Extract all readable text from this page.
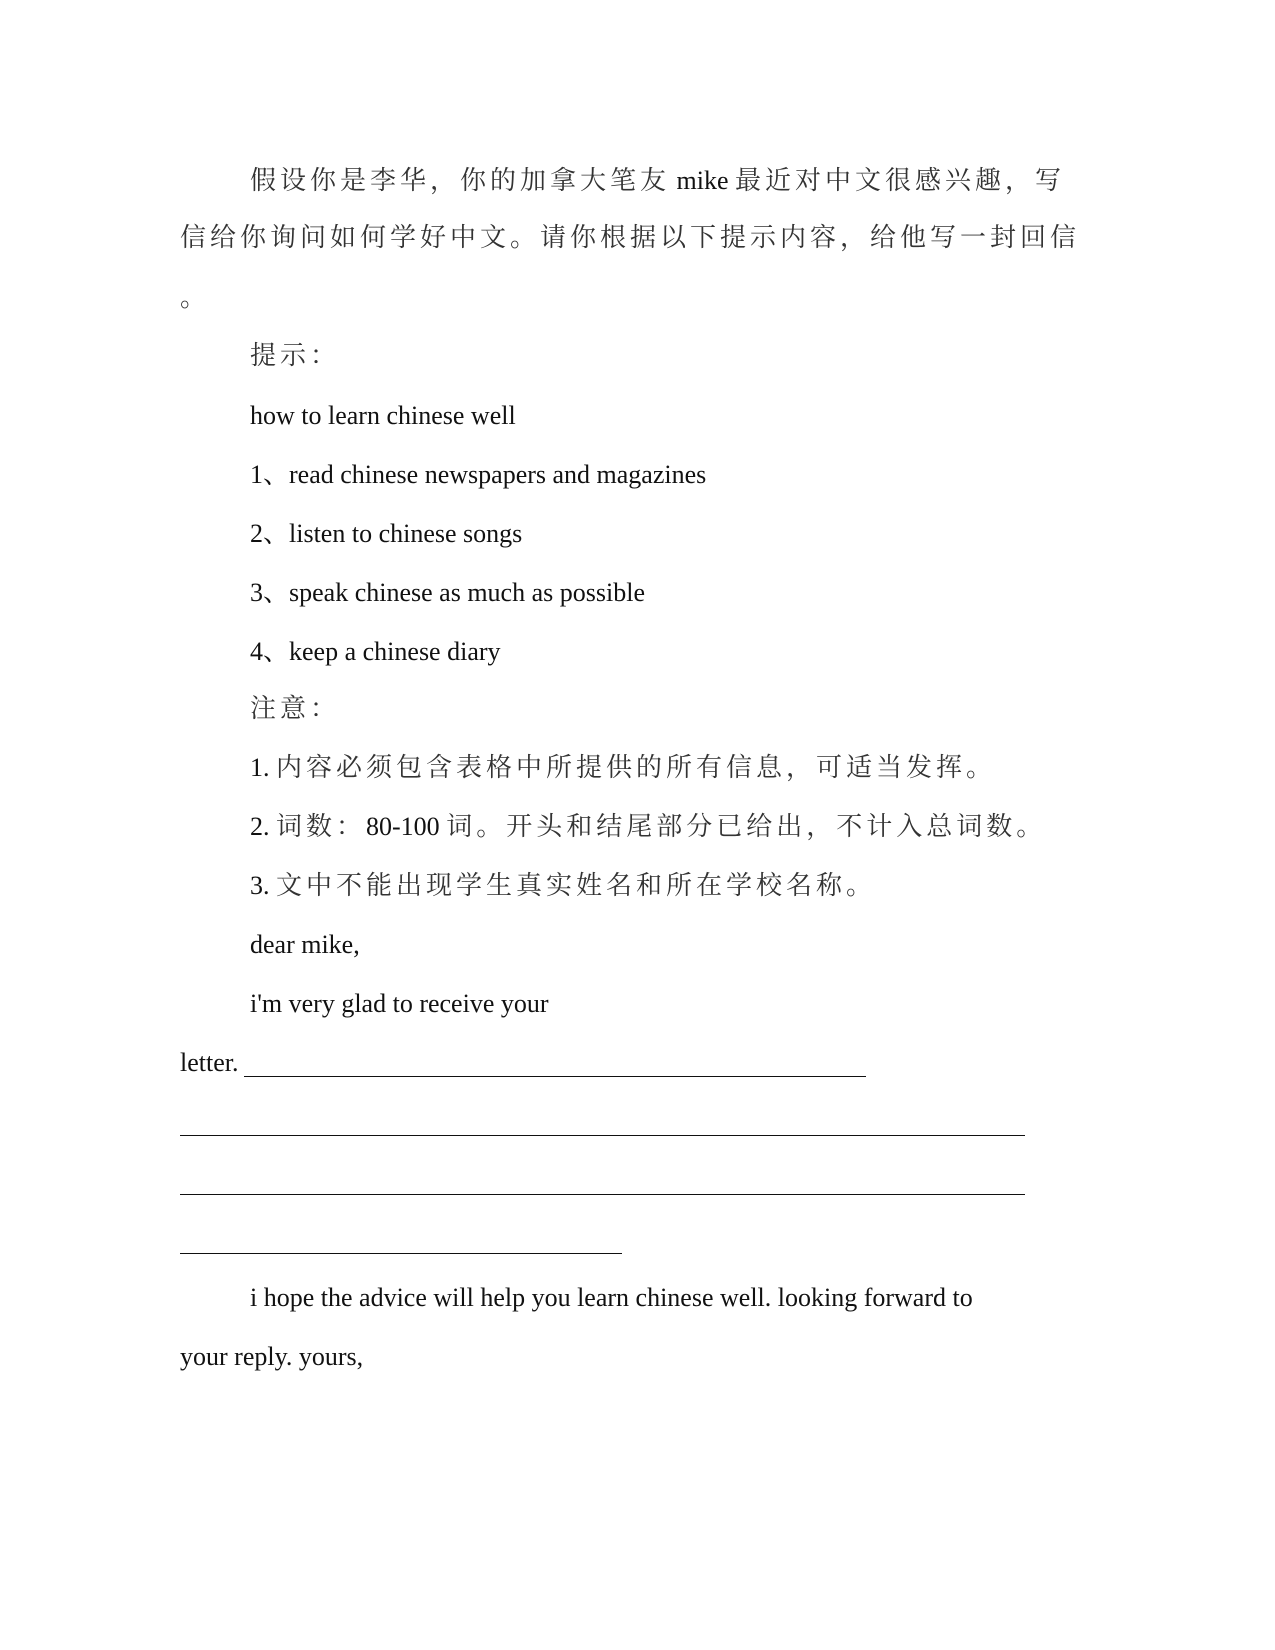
假设你是李华，你的加拿大笔友 mike 最近对中文很感兴趣，写
信给你询问如何学好中文。请你根据以下提示内容，给他写一封回信
。
提示：
how to learn chinese well
1、read chinese newspapers and magazines
2、listen to chinese songs
3、speak chinese as much as possible
4、keep a chinese diary
注意：
1. 内容必须包含表格中所提供的所有信息，可适当发挥。
2. 词数：80-100 词。开头和结尾部分已给出，不计入总词数。
3. 文中不能出现学生真实姓名和所在学校名称。
dear mike,
i'm very glad to receive your
letter.
i hope the advice will help you learn chinese well. looking forward to
your reply. yours,
